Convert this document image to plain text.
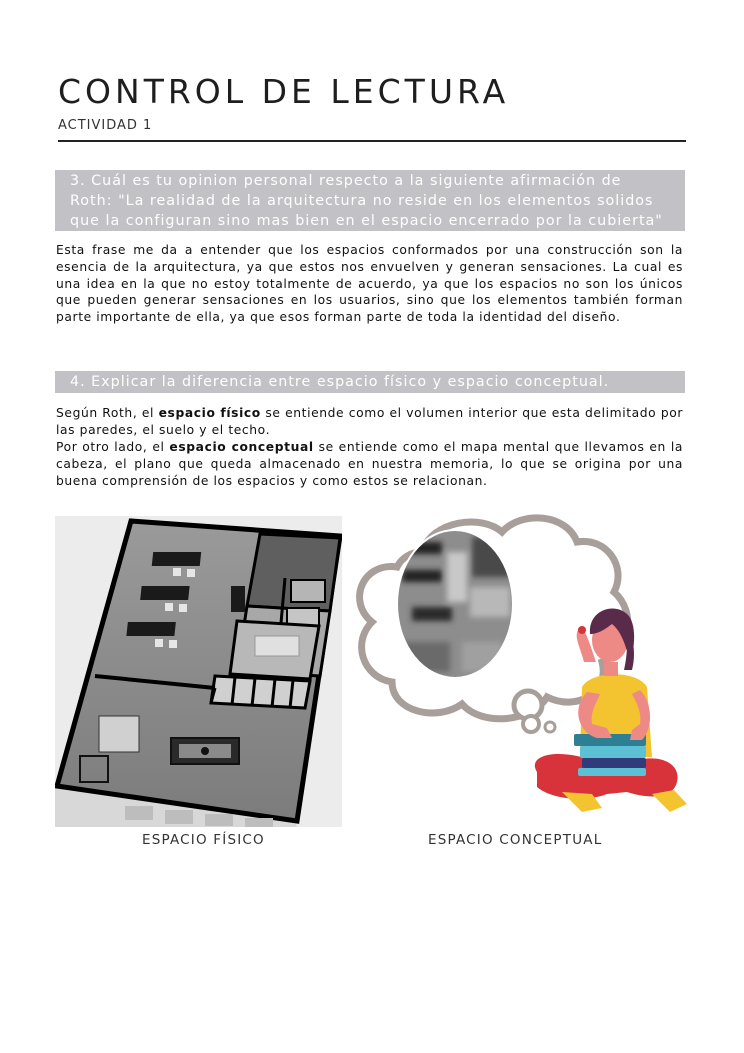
CONTROL DE LECTURA
ACTIVIDAD 1
3. Cuál es tu opinion personal respecto a la siguiente afirmación de
Roth: "La realidad de la arquitectura no reside en los elementos solidos
que la configuran sino mas bien en el espacio encerrado por la cubierta"

Esta frase me da a entender que los espacios conformados por una construcción son la esencia de la arquitectura, ya que estos nos envuelven y generan sensaciones. La cual es una idea en la que no estoy totalmente de acuerdo, ya que los espacios no son los únicos que pueden generar sensaciones en los usuarios, sino que los elementos también forman parte importante de ella, ya que esos forman parte de toda la identidad del diseño.

4. Explicar la diferencia entre espacio físico y espacio conceptual.

Según Roth, el espacio físico se entiende como el volumen interior que esta delimitado por las paredes, el suelo y el techo.

Por otro lado, el espacio conceptual se entiende como el mapa mental que llevamos en la cabeza, el plano que queda almacenado en nuestra memoria, lo que se origina por una buena comprensión de los espacios y como estos se relacionan.

ESPACIO FÍSICO	ESPACIO CONCEPTUAL
